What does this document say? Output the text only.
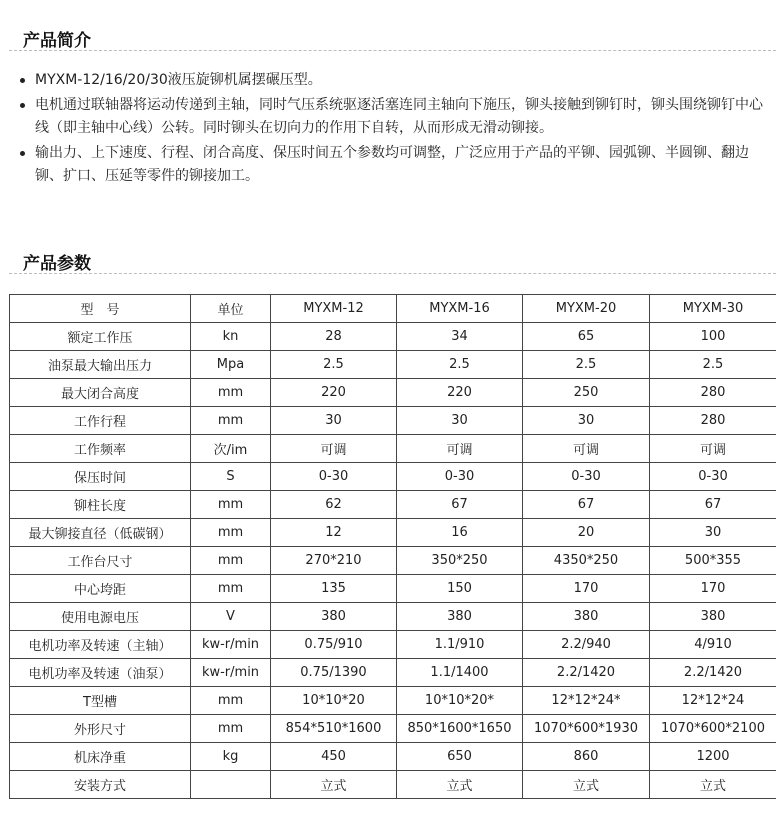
产品简介
MYXM-12/16/20/30液压旋铆机属摆碾压型。
电机通过联轴器将运动传递到主轴，同时气压系统驱逐活塞连同主轴向下施压，铆头接触到铆钉时，铆头围绕铆钉中心线（即主轴中心线）公转。同时铆头在切向力的作用下自转，从而形成无滑动铆接。
输出力、上下速度、行程、闭合高度、保压时间五个参数均可调整，广泛应用于产品的平铆、园弧铆、半圆铆、翻边铆、扩口、压延等零件的铆接加工。
产品参数
型　号	单位	MYXM-12	MYXM-16	MYXM-20	MYXM-30
额定工作压	kn	28	34	65	100
油泵最大输出压力	Mpa	2.5	2.5	2.5	2.5
最大闭合高度	mm	220	220	250	280
工作行程	mm	30	30	30	280
工作频率	次/im	可调	可调	可调	可调
保压时间	S	0-30	0-30	0-30	0-30
铆柱长度	mm	62	67	67	67
最大铆接直径（低碳钢）	mm	12	16	20	30
工作台尺寸	mm	270*210	350*250	4350*250	500*355
中心垮距	mm	135	150	170	170
使用电源电压	V	380	380	380	380
电机功率及转速（主轴）	kw-r/min	0.75/910	1.1/910	2.2/940	4/910
电机功率及转速（油泵）	kw-r/min	0.75/1390	1.1/1400	2.2/1420	2.2/1420
T型槽	mm	10*10*20	10*10*20*	12*12*24*	12*12*24
外形尺寸	mm	854*510*1600	850*1600*1650	1070*600*1930	1070*600*2100
机床净重	kg	450	650	860	1200
安装方式		立式	立式	立式	立式
